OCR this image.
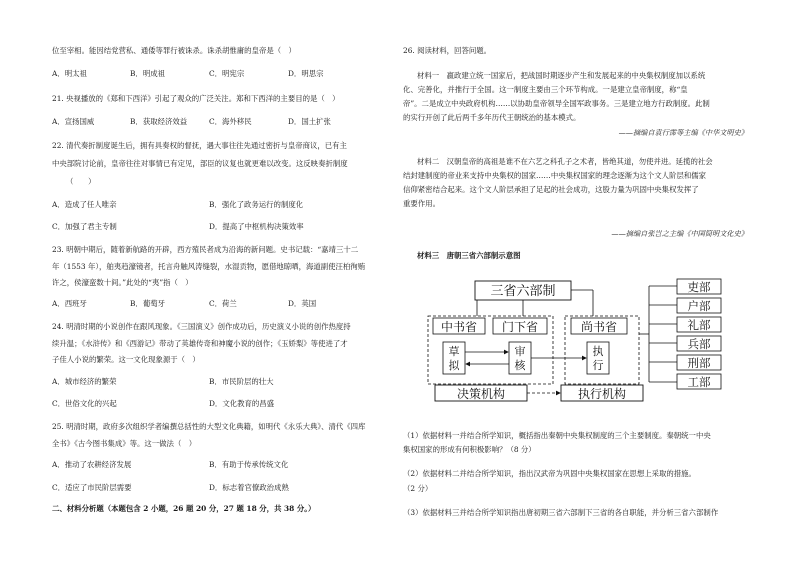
位至宰相。能因结党营私、通倭等罪行被诛杀。诛杀胡惟庸的皇帝是（　）
A．明太祖	B．明成祖	C．明宪宗	D．明思宗
21. 央视播放的《郑和下西洋》引起了观众的广泛关注。郑和下西洋的主要目的是（　）
A．宣扬国威	B．获取经济效益	C．海外移民	D．国土扩张
22. 清代奏折制度诞生后，拥有具奏权的督抚，遇大事往往先通过密折与皇帝商议，已有主
中央部院讨论前，皇帝往往对事情已有定见，部臣的议复也就更难以改变。这反映奏折制度
（　　）
A．造成了任人唯亲	B．强化了政务运行的制度化
C．加强了君主专制	D．提高了中枢机构决策效率
23. 明朝中期后，随着新航路的开辟，西方殖民者成为沿海的新问题。史书记载：“嘉靖三十二
年（1553 年），舶夷趋濠镜者，托言舟触风涛缝裂，水湿贡物，愿借地晾晒，海道副使汪柏徇贿
许之，侯濠蛮数十间。”此处的“夷”指（　）
A．西班牙	B．葡萄牙	C．荷兰	D．英国
24. 明清时期的小说创作在跟风现象。《三国演义》创作成功后，历史演义小说的创作热度持
续升温；《水浒传》和《西游记》带动了英雄传奇和神魔小说的创作；《玉娇梨》等使进了才
子佳人小说的繁荣。这一文化现象源于（　）
A．城市经济的繁荣	B．市民阶层的壮大
C．世俗文化的兴起	D．文化教育的昌盛
25. 明清时期，政府多次组织学者编撰总括性的大型文化典籍，如明代《永乐大典》、清代《四库
全书》《古今图书集成》等。这一做法（　）
A．推动了农耕经济发展	B．有助于传承传统文化
C．适应了市民阶层需要	D．标志着官僚政治成熟
二、材料分析题（本题包含 2 小题，26 题 20 分，27 题 18 分，共 38 分。）
26. 阅读材料，回答问题。
材料一　嬴政建立统一国家后，把战国时期逐步产生和发展起来的中央集权制度加以系统
化、完善化，并推行于全国。这一制度主要由三个环节构成。一是建立皇帝制度，称“皇
帝”。二是成立中央政府机构……以协助皇帝领导全国军政事务。三是建立地方行政制度。此制
的实行开创了此后两千多年历代王朝统治的基本模式。
——摘编自袁行霈等主编《中华文明史》
材料二　汉朝皇帝的高祖是谁不在六艺之科孔子之术者，皆绝其道，勿使并进。延揽的社会
结封建制度的帝业来支持中央集权的国家……中央集权国家的理念逐渐为这个文人阶层和儒家
信仰紧密结合起来。这个文人阶层承担了足起的社会成功，这股力量为巩固中央集权发挥了
重要作用。
——摘编自张岂之主编《中国简明文化史》
材料三　唐朝三省六部制示意图
三省六部制
中书省 门下省	尚书省
草
拟
审
核
执
行
决策机构	执行机构
吏部
户部
礼部
兵部
刑部
工部
（1）依据材料一并结合所学知识，概括指出秦朝中央集权制度的三个主要制度。秦朝统一中央
集权国家的形成有何积极影响？（8 分）
（2）依据材料二并结合所学知识，指出汉武帝为巩固中央集权国家在思想上采取的措施。
（2 分）
（3）依据材料三并结合所学知识指出唐初期三省六部制下三省的各自职能，并分析三省六部制作
